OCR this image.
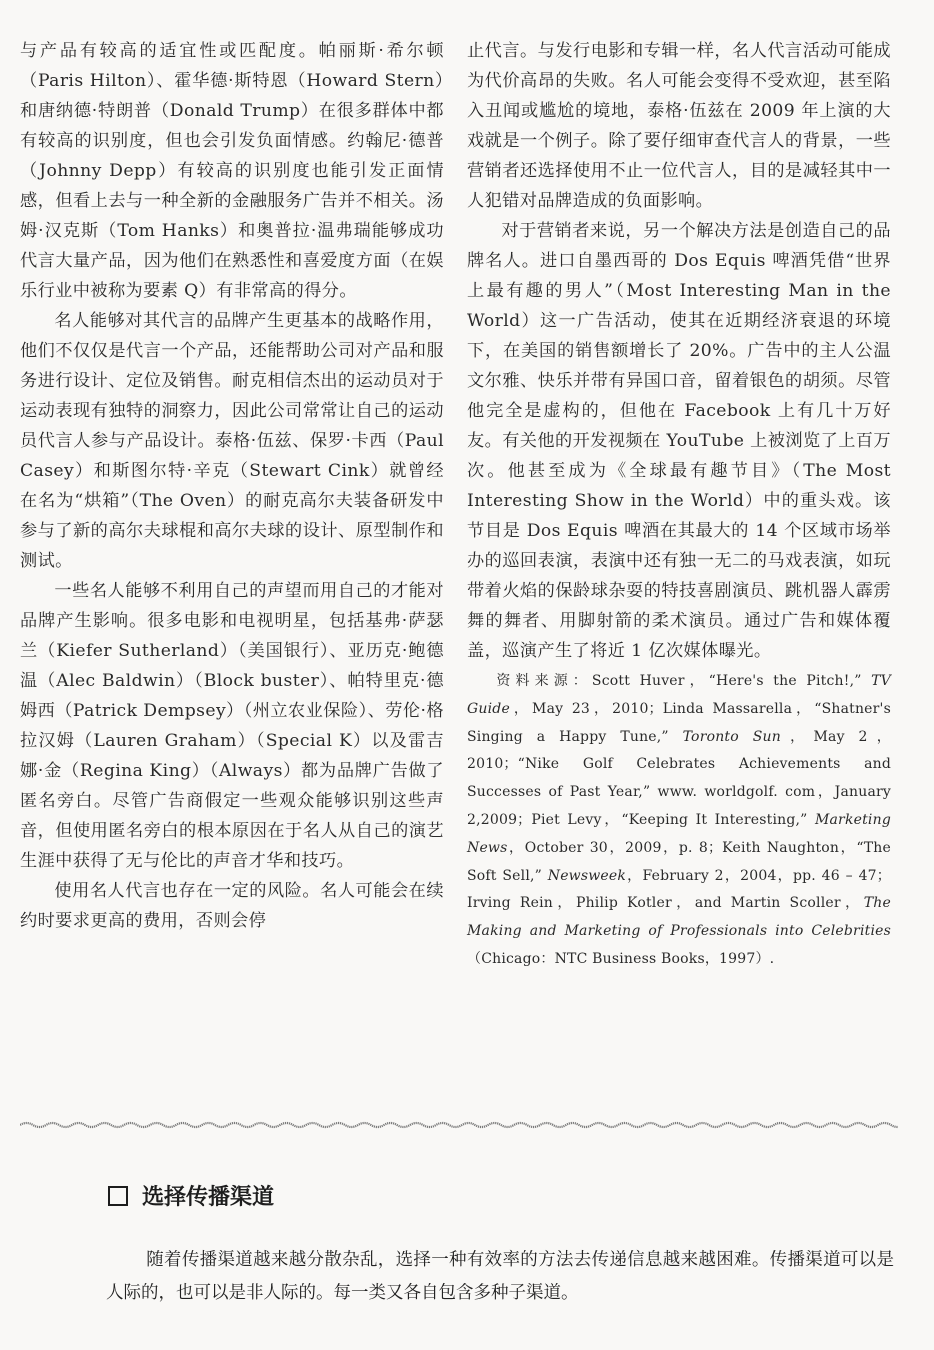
与产品有较高的适宜性或匹配度。帕丽斯·希尔顿（Paris Hilton）、霍华德·斯特恩（Howard Stern）和唐纳德·特朗普（Donald Trump）在很多群体中都有较高的识别度，但也会引发负面情感。约翰尼·德普（Johnny Depp）有较高的识别度也能引发正面情感，但看上去与一种全新的金融服务广告并不相关。汤姆·汉克斯（Tom Hanks）和奥普拉·温弗瑞能够成功代言大量产品，因为他们在熟悉性和喜爱度方面（在娱乐行业中被称为要素 Q）有非常高的得分。

名人能够对其代言的品牌产生更基本的战略作用，他们不仅仅是代言一个产品，还能帮助公司对产品和服务进行设计、定位及销售。耐克相信杰出的运动员对于运动表现有独特的洞察力，因此公司常常让自己的运动员代言人参与产品设计。泰格·伍兹、保罗·卡西（Paul Casey）和斯图尔特·辛克（Stewart Cink）就曾经在名为“烘箱”（The Oven）的耐克高尔夫装备研发中参与了新的高尔夫球棍和高尔夫球的设计、原型制作和测试。

一些名人能够不利用自己的声望而用自己的才能对品牌产生影响。很多电影和电视明星，包括基弗·萨瑟兰（Kiefer Sutherland）（美国银行）、亚历克·鲍德温（Alec Baldwin）（Block buster）、帕特里克·德姆西（Patrick Dempsey）（州立农业保险）、劳伦·格拉汉姆（Lauren Graham）（Special K）以及雷吉娜·金（Regina King）（Always）都为品牌广告做了匿名旁白。尽管广告商假定一些观众能够识别这些声音，但使用匿名旁白的根本原因在于名人从自己的演艺生涯中获得了无与伦比的声音才华和技巧。

使用名人代言也存在一定的风险。名人可能会在续约时要求更高的费用，否则会停

止代言。与发行电影和专辑一样，名人代言活动可能成为代价高昂的失败。名人可能会变得不受欢迎，甚至陷入丑闻或尴尬的境地，泰格·伍兹在 2009 年上演的大戏就是一个例子。除了要仔细审查代言人的背景，一些营销者还选择使用不止一位代言人，目的是减轻其中一人犯错对品牌造成的负面影响。

对于营销者来说，另一个解决方法是创造自己的品牌名人。进口自墨西哥的 Dos Equis 啤酒凭借“世界上最有趣的男人”（Most Interesting Man in the World）这一广告活动，使其在近期经济衰退的环境下，在美国的销售额增长了 20%。广告中的主人公温文尔雅、快乐并带有异国口音，留着银色的胡须。尽管他完全是虚构的，但他在 Facebook 上有几十万好友。有关他的开发视频在 YouTube 上被浏览了上百万次。他甚至成为《全球最有趣节目》（The Most Interesting Show in the World）中的重头戏。该节目是 Dos Equis 啤酒在其最大的 14 个区域市场举办的巡回表演，表演中还有独一无二的马戏表演，如玩带着火焰的保龄球杂耍的特技喜剧演员、跳机器人霹雳舞的舞者、用脚射箭的柔术演员。通过广告和媒体覆盖，巡演产生了将近 1 亿次媒体曝光。

资料来源：Scott Huver，“Here's the Pitch!,” TV Guide，May 23，2010；Linda Massarella，“Shatner's Singing a Happy Tune,” Toronto Sun，May 2，2010；“Nike Golf Celebrates Achievements and Successes of Past Year,” www. worldgolf. com，January 2,2009；Piet Levy，“Keeping It Interesting,” Marketing News，October 30，2009，p. 8；Keith Naughton，“The Soft Sell,” Newsweek，February 2，2004，pp. 46 – 47；Irving Rein，Philip Kotler，and Martin Scoller，The Making and Marketing of Professionals into Celebrities（Chicago：NTC Business Books，1997）.

选择传播渠道

随着传播渠道越来越分散杂乱，选择一种有效率的方法去传递信息越来越困难。传播渠道可以是人际的，也可以是非人际的。每一类又各自包含多种子渠道。
